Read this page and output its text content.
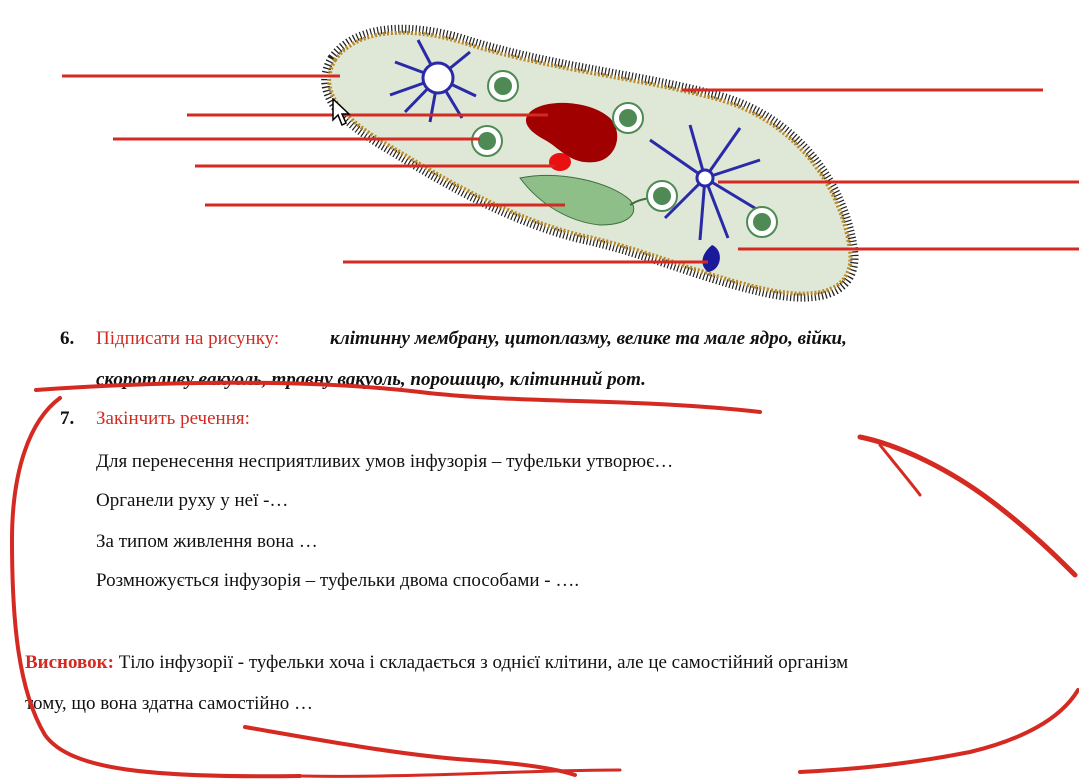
6. Підписати на рисунку:	клітинну мембрану, цитоплазму, велике та мале ядро, війки,
скоротливу вакуоль, травну вакуоль, порошицю, клітинний рот.
7. Закінчить речення:
Для перенесення несприятливих умов інфузорія – туфельки утворює…
Органели руху у неї -…
За типом живлення вона …
Розмножується інфузорія – туфельки двома способами - ….
Висновок: Тіло інфузорії - туфельки хоча і складається з однієї клітини, але це самостійний організм
тому, що вона здатна самостійно …
